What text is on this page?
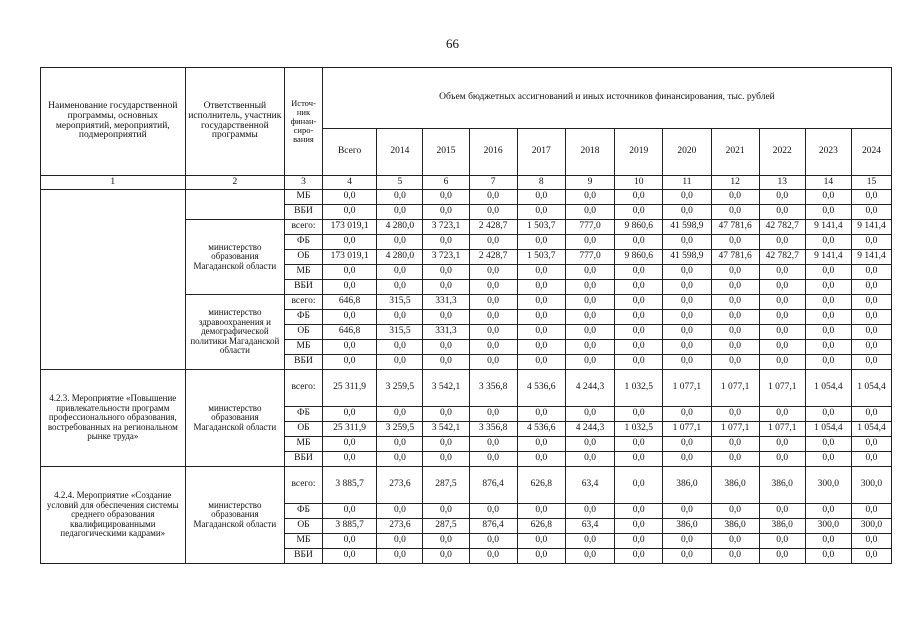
66
Наименование государственной программы, основных мероприятий, мероприятий, подмероприятий	Ответственный исполнитель, участник государственной программы	Источ-ник финан-сиро-вания	Объем бюджетных ассигнований и иных источников финансирования, тыс. рублей											
			Всего	2014	2015	2016	2017	2018	2019	2020	2021	2022	2023	2024
1	2	3	4	5	6	7	8	9	10	11	12	13	14	15
		МБ	0,0	0,0	0,0	0,0	0,0	0,0	0,0	0,0	0,0	0,0	0,0	0,0
		ВБИ	0,0	0,0	0,0	0,0	0,0	0,0	0,0	0,0	0,0	0,0	0,0	0,0
	министерство образования Магаданской области	всего:	173 019,1	4 280,0	3 723,1	2 428,7	1 503,7	777,0	9 860,6	41 598,9	47 781,6	42 782,7	9 141,4	9 141,4
		ФБ	0,0	0,0	0,0	0,0	0,0	0,0	0,0	0,0	0,0	0,0	0,0	0,0
		ОБ	173 019,1	4 280,0	3 723,1	2 428,7	1 503,7	777,0	9 860,6	41 598,9	47 781,6	42 782,7	9 141,4	9 141,4
		МБ	0,0	0,0	0,0	0,0	0,0	0,0	0,0	0,0	0,0	0,0	0,0	0,0
		ВБИ	0,0	0,0	0,0	0,0	0,0	0,0	0,0	0,0	0,0	0,0	0,0	0,0
	министерство здравоохранения и демографической политики Магаданской области	всего:	646,8	315,5	331,3	0,0	0,0	0,0	0,0	0,0	0,0	0,0	0,0	0,0
		ФБ	0,0	0,0	0,0	0,0	0,0	0,0	0,0	0,0	0,0	0,0	0,0	0,0
		ОБ	646,8	315,5	331,3	0,0	0,0	0,0	0,0	0,0	0,0	0,0	0,0	0,0
		МБ	0,0	0,0	0,0	0,0	0,0	0,0	0,0	0,0	0,0	0,0	0,0	0,0
		ВБИ	0,0	0,0	0,0	0,0	0,0	0,0	0,0	0,0	0,0	0,0	0,0	0,0
4.2.3. Мероприятие «Повышение привлекательности программ профессионального образования, востребованных на региональном рынке труда»	министерство образования Магаданской области	всего:	25 311,9	3 259,5	3 542,1	3 356,8	4 536,6	4 244,3	1 032,5	1 077,1	1 077,1	1 077,1	1 054,4	1 054,4
		ФБ	0,0	0,0	0,0	0,0	0,0	0,0	0,0	0,0	0,0	0,0	0,0	0,0
		ОБ	25 311,9	3 259,5	3 542,1	3 356,8	4 536,6	4 244,3	1 032,5	1 077,1	1 077,1	1 077,1	1 054,4	1 054,4
		МБ	0,0	0,0	0,0	0,0	0,0	0,0	0,0	0,0	0,0	0,0	0,0	0,0
		ВБИ	0,0	0,0	0,0	0,0	0,0	0,0	0,0	0,0	0,0	0,0	0,0	0,0
4.2.4. Мероприятие «Создание условий для обеспечения системы среднего образования квалифицированными педагогическими кадрами»	министерство образования Магаданской области	всего:	3 885,7	273,6	287,5	876,4	626,8	63,4	0,0	386,0	386,0	386,0	300,0	300,0
		ФБ	0,0	0,0	0,0	0,0	0,0	0,0	0,0	0,0	0,0	0,0	0,0	0,0
		ОБ	3 885,7	273,6	287,5	876,4	626,8	63,4	0,0	386,0	386,0	386,0	300,0	300,0
		МБ	0,0	0,0	0,0	0,0	0,0	0,0	0,0	0,0	0,0	0,0	0,0	0,0
		ВБИ	0,0	0,0	0,0	0,0	0,0	0,0	0,0	0,0	0,0	0,0	0,0	0,0
